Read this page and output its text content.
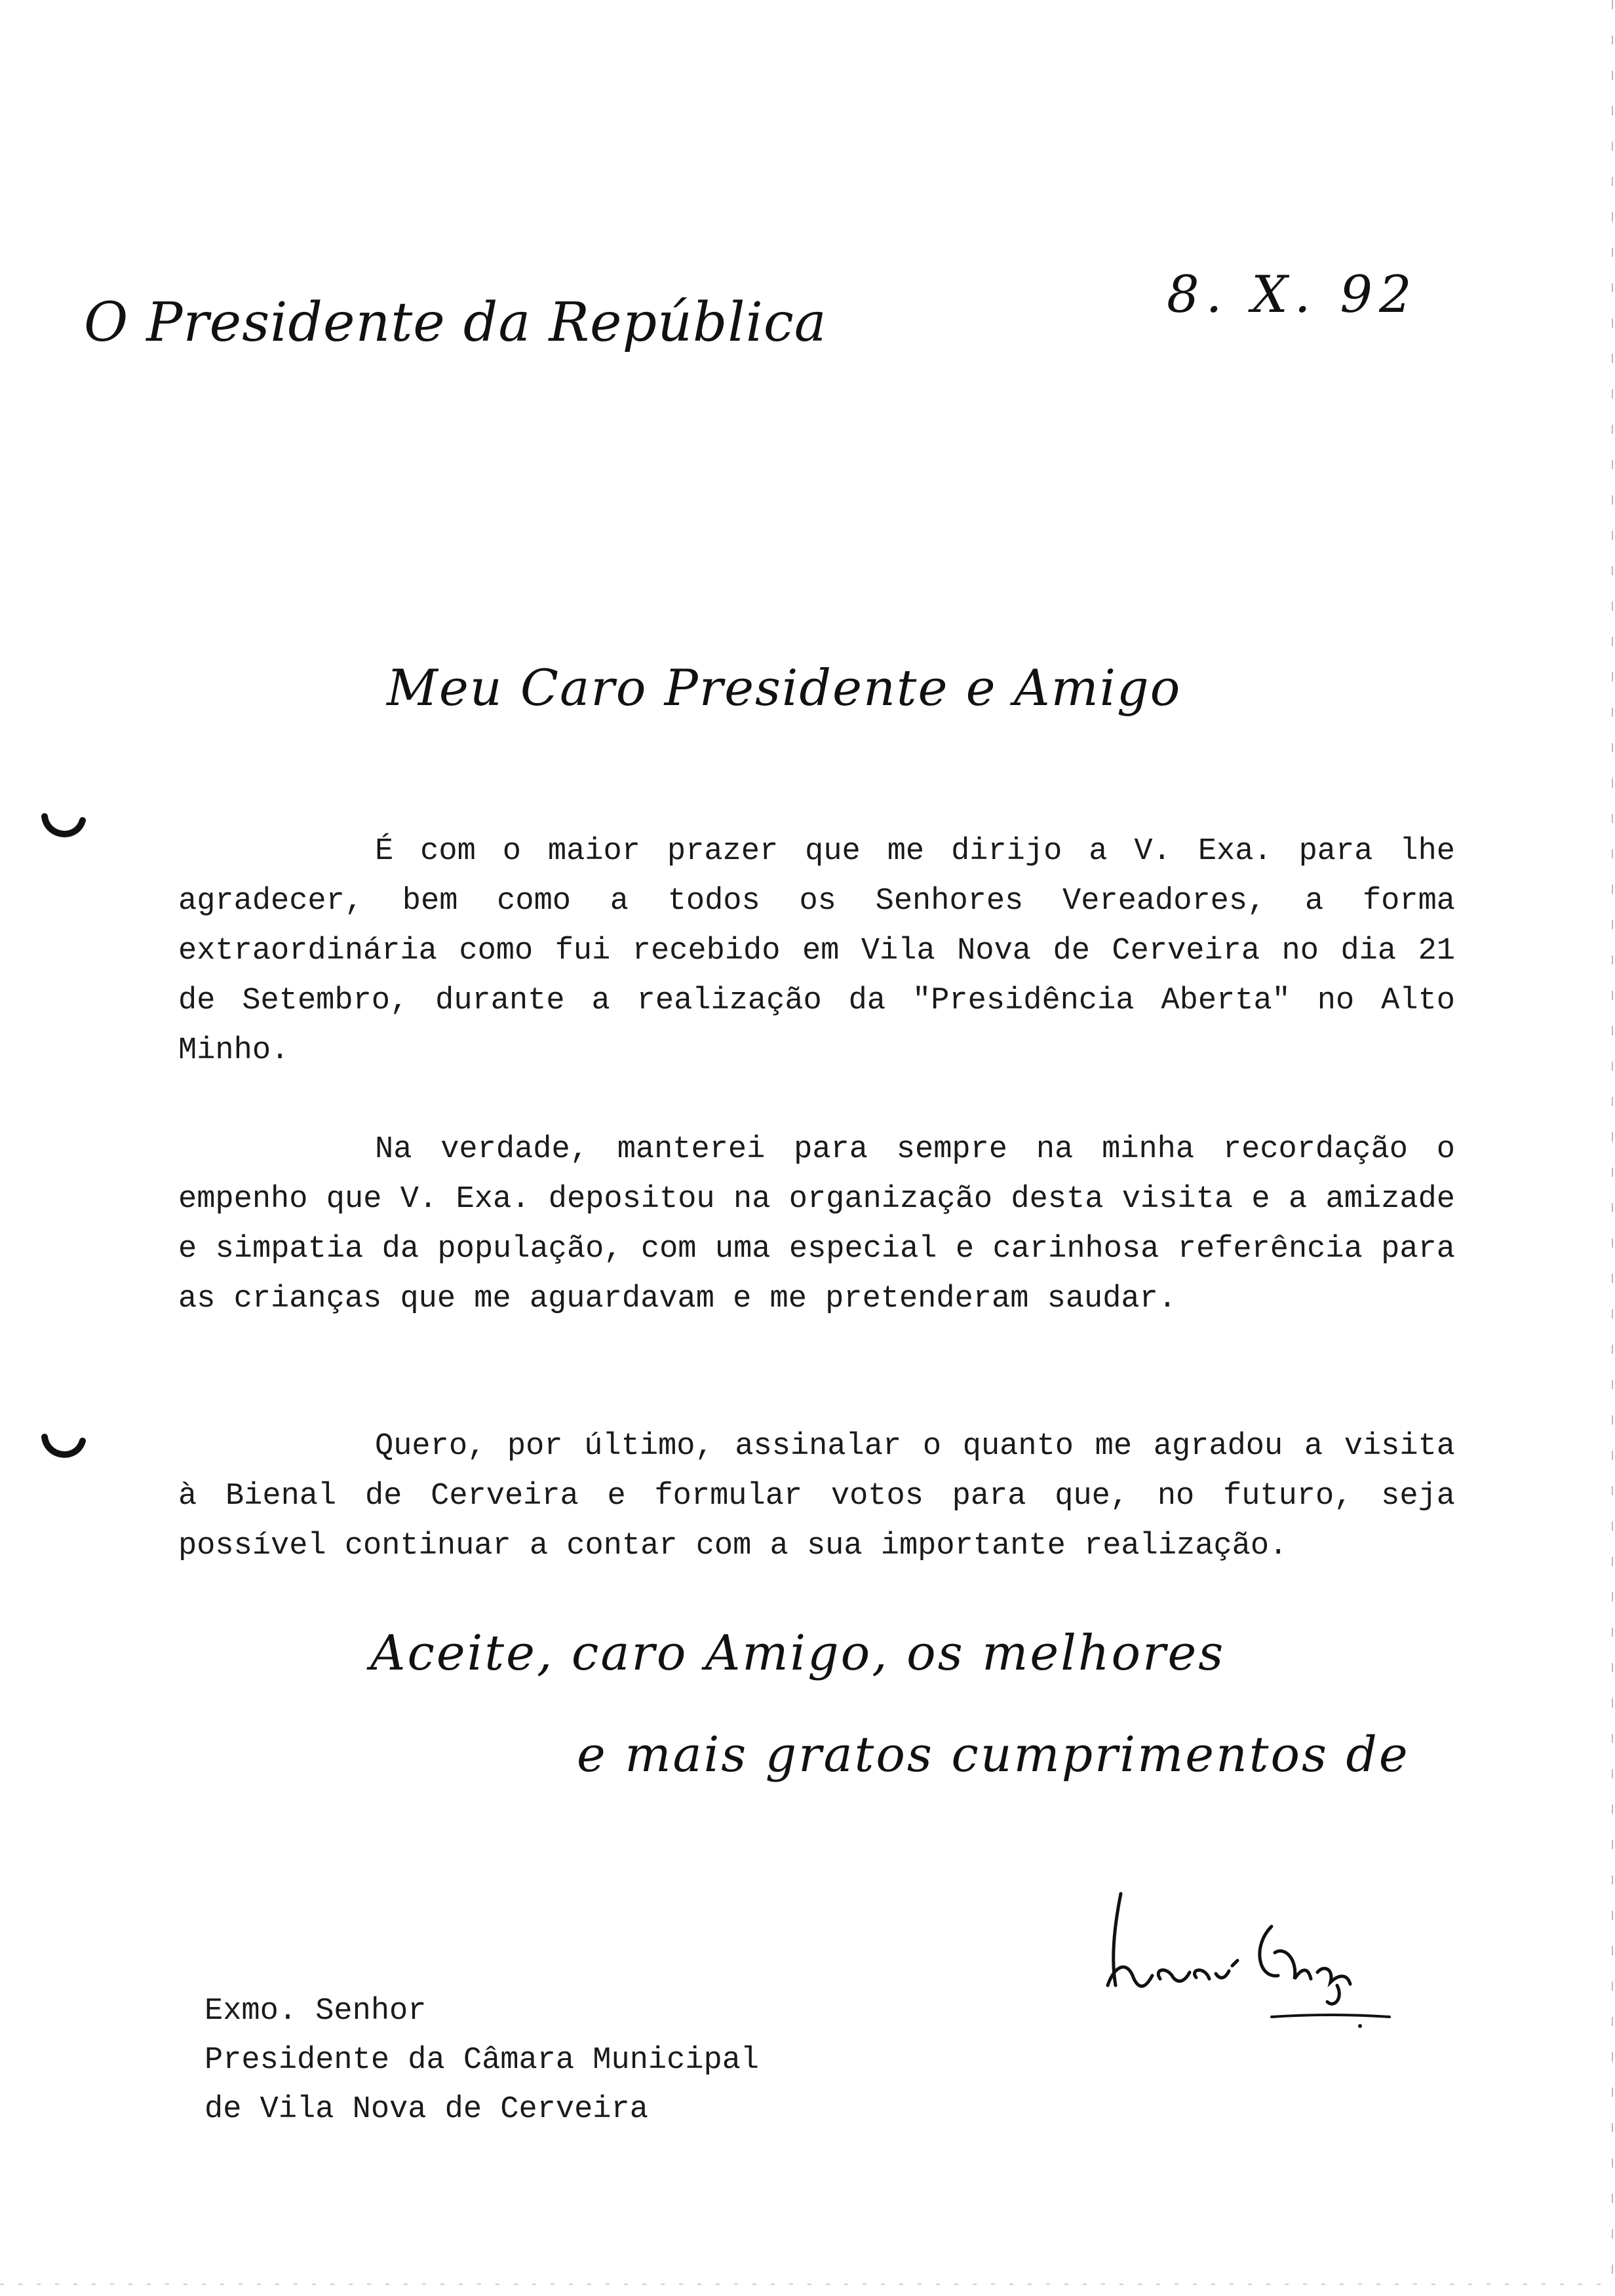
O Presidente da República	8. X. 92
Meu Caro Presidente e Amigo

É com o maior prazer que me dirijo a V. Exa. para lhe agradecer, bem como a todos os Senhores Vereadores, a forma extraordinária como fui recebido em Vila Nova de Cerveira no dia 21 de Setembro, durante a realização da "Presidência Aberta" no Alto Minho.

Na verdade, manterei para sempre na minha recordação o empenho que V. Exa. depositou na organização desta visita e a amizade e simpatia da população, com uma especial e carinhosa referência para as crianças que me aguardavam e me pretenderam saudar.

Quero, por último, assinalar o quanto me agradou a visita à Bienal de Cerveira e formular votos para que, no futuro, seja possível continuar a contar com a sua importante realização.

Aceite, caro Amigo, os melhores
e mais gratos cumprimentos de
Exmo. Senhor
Presidente da Câmara Municipal
de Vila Nova de Cerveira
